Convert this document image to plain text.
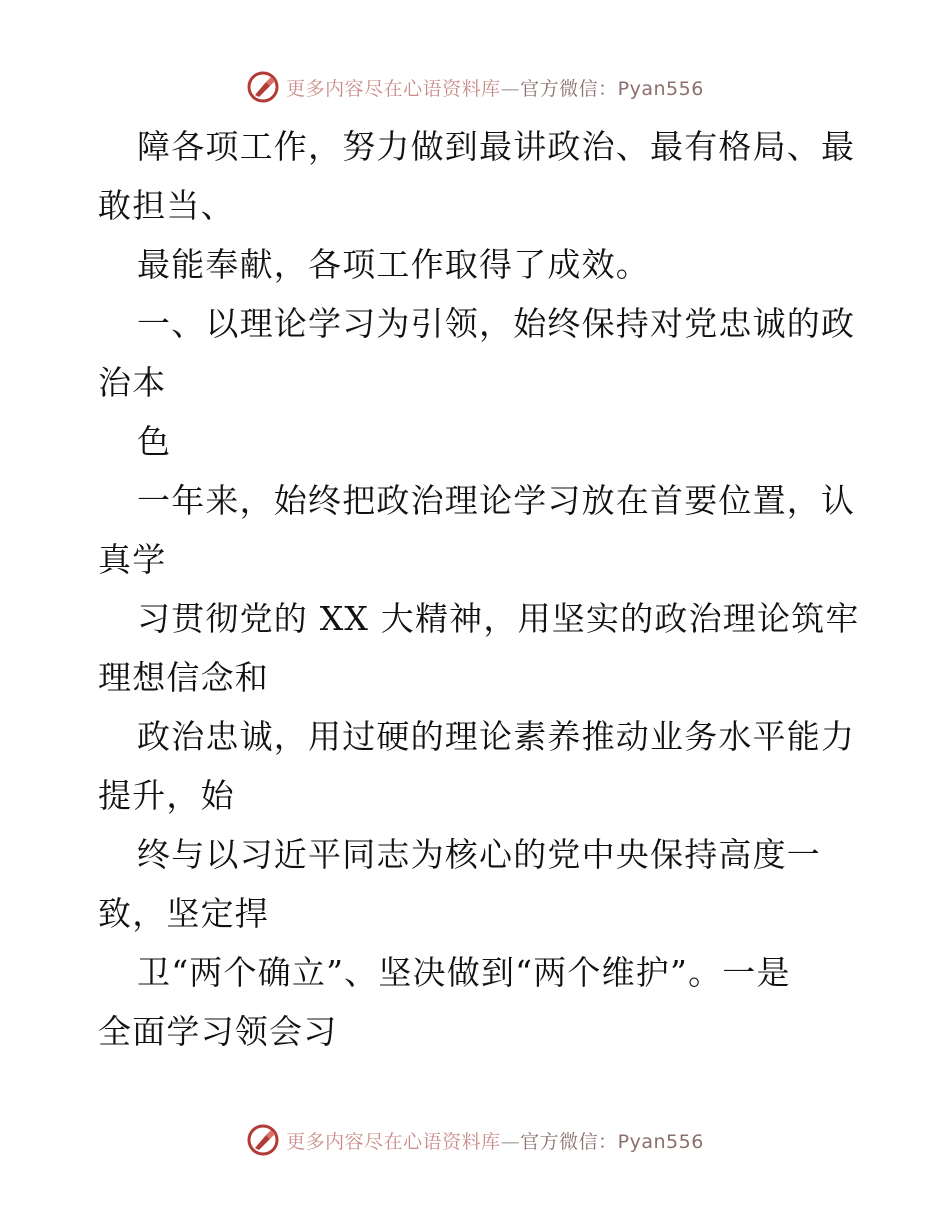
更多内容尽在心语资料库—官方微信：Pyan556
障各项工作，努力做到最讲政治、最有格局、最
敢担当、
最能奉献，各项工作取得了成效。
一、以理论学习为引领，始终保持对党忠诚的政
治本
色
一年来，始终把政治理论学习放在首要位置，认
真学
习贯彻党的 XX 大精神，用坚实的政治理论筑牢
理想信念和
政治忠诚，用过硬的理论素养推动业务水平能力
提升，始
终与以习近平同志为核心的党中央保持高度一
致，坚定捍
卫“两个确立”、坚决做到“两个维护”。一是
全面学习领会习
更多内容尽在心语资料库—官方微信：Pyan556
